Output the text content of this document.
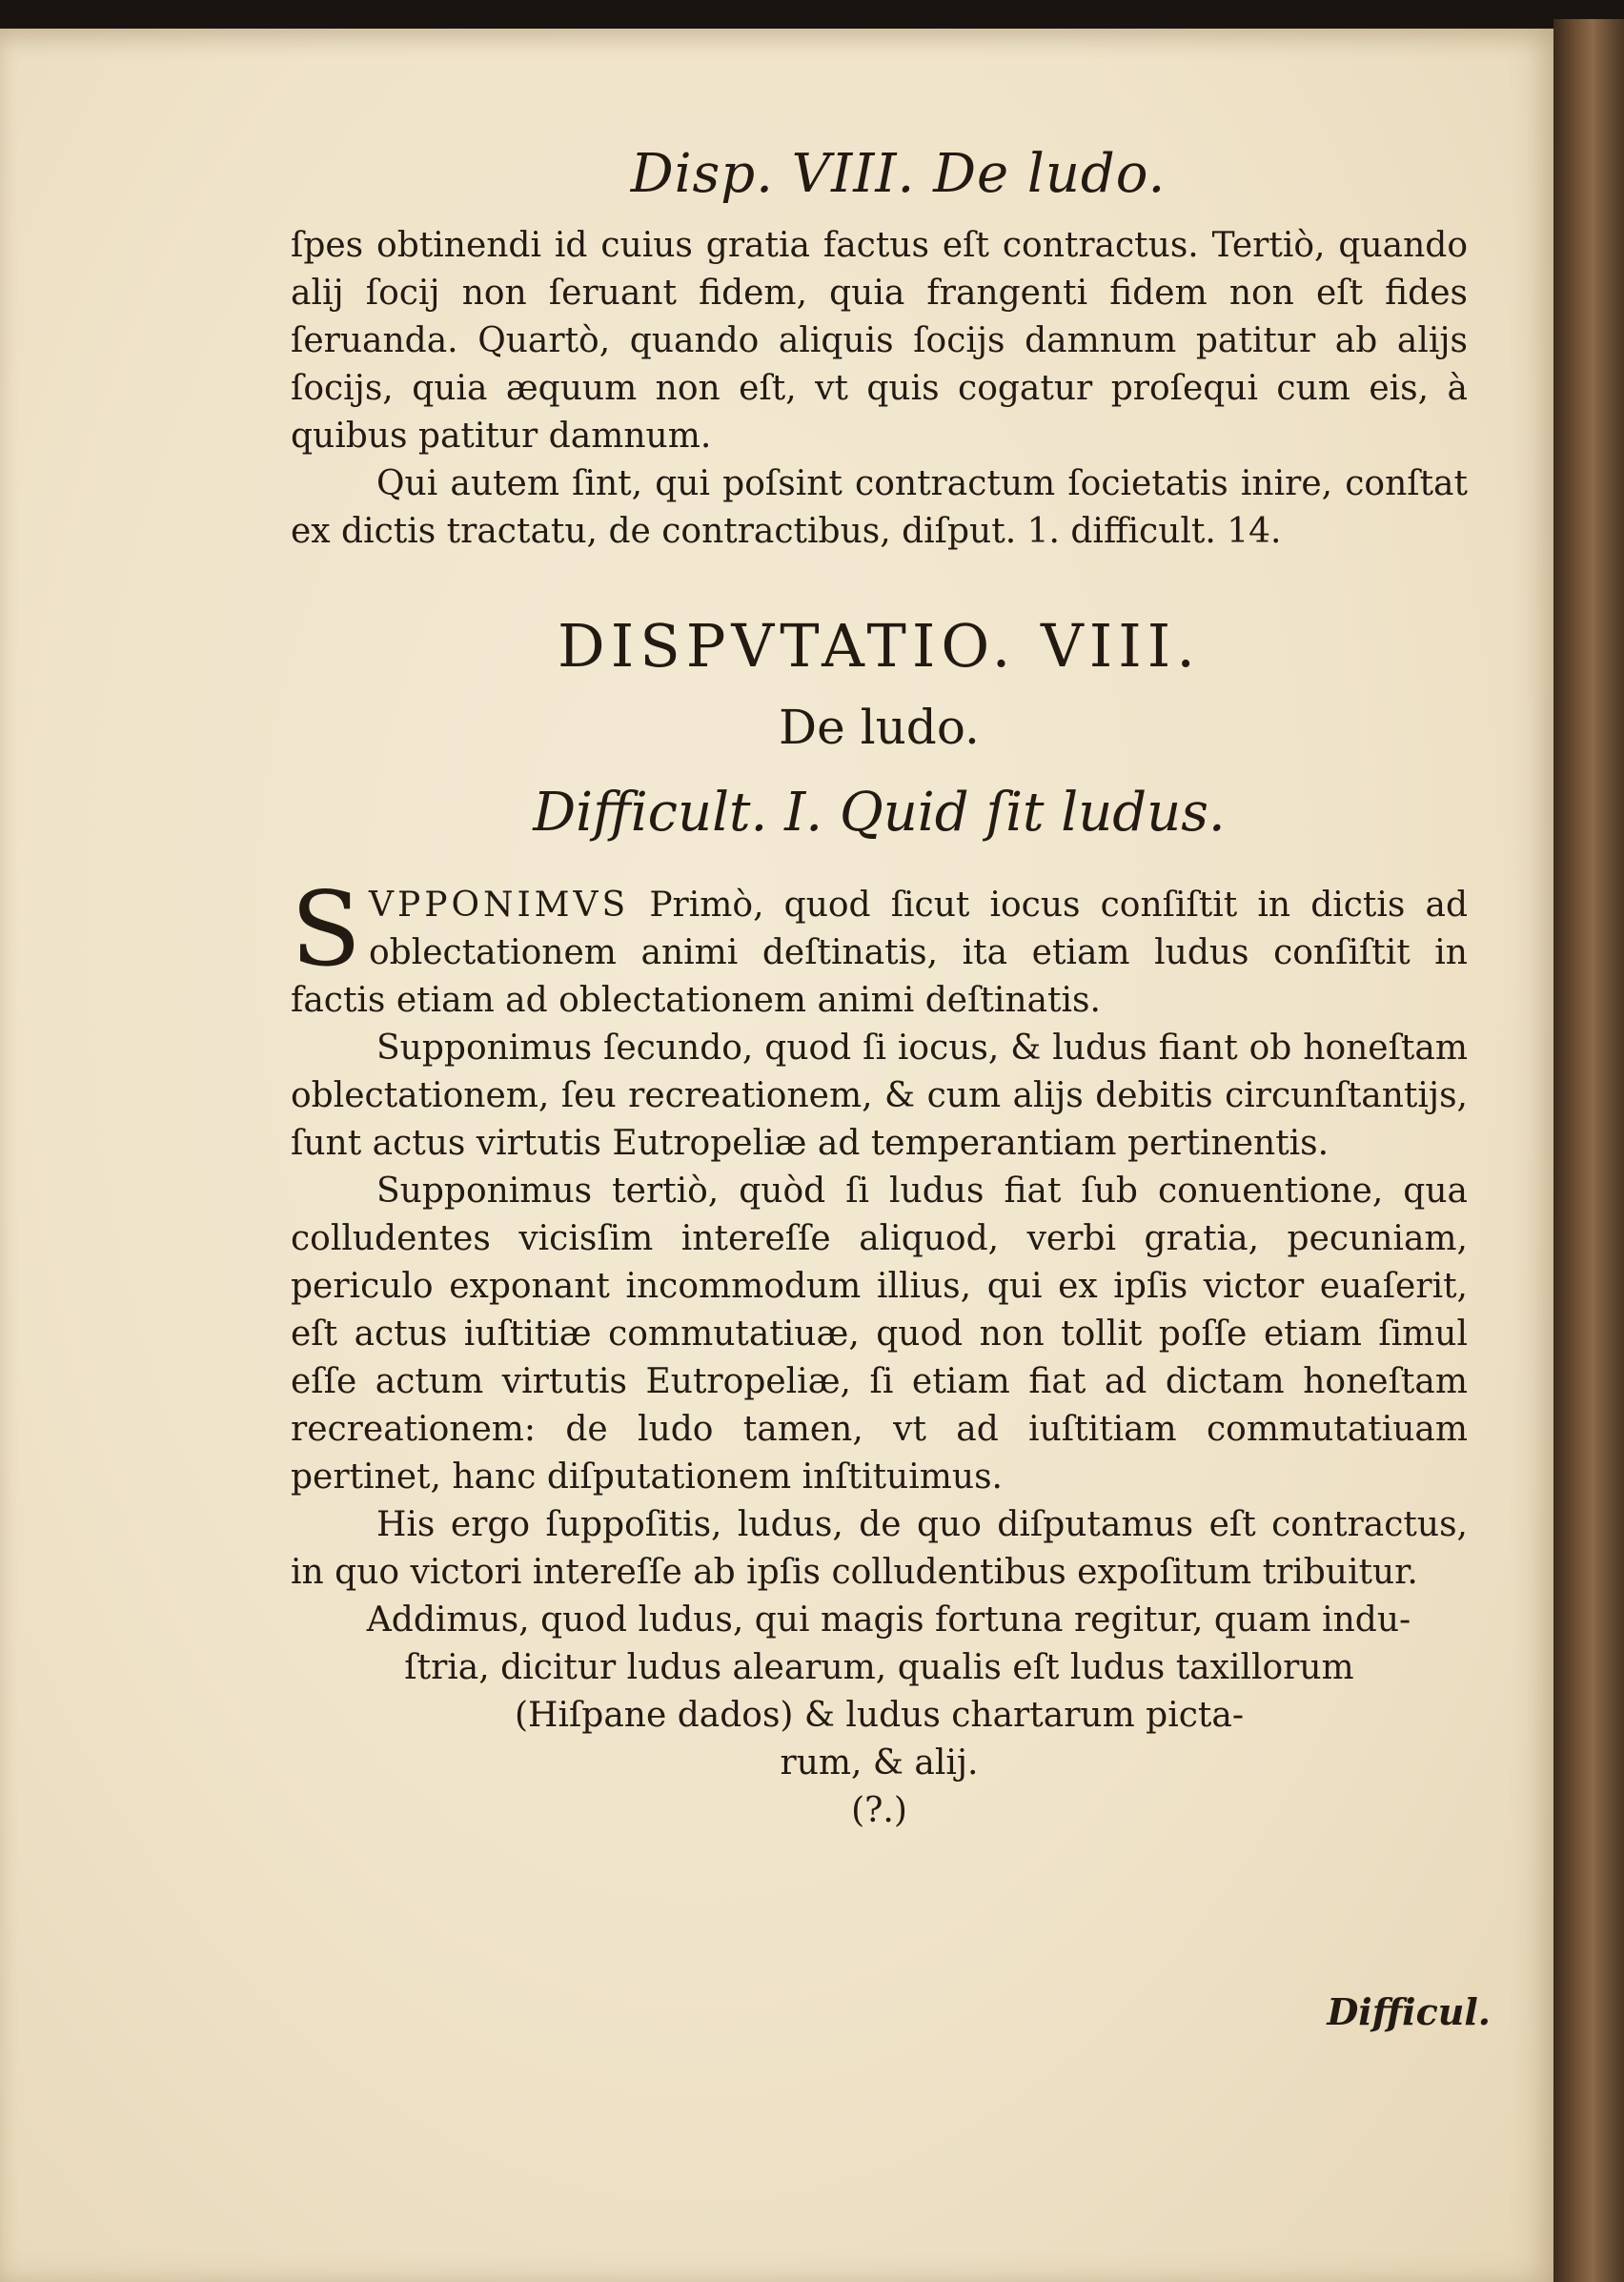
Disp. VIII. De ludo.

ſpes obtinendi id cuius gratia factus eſt contractus. Tertiò, quando alij ſocij non ſeruant fidem, quia frangenti fidem non eſt fides ſeruanda. Quartò, quando aliquis ſocijs damnum patitur ab alijs ſocijs, quia æquum non eſt, vt quis cogatur proſequi cum eis, à quibus patitur damnum.

Qui autem ſint, qui poſsint contractum ſocietatis inire, conſtat ex dictis tractatu, de contractibus, diſput. 1. difficult. 14.

DISPVTATIO. VIII.
De ludo.
Difficult. I. Quid ſit ludus.

SVPPONIMVS Primò, quod ſicut iocus conſiſtit in dictis ad oblectationem animi deſtinatis, ita etiam ludus conſiſtit in factis etiam ad oblectationem animi deſtinatis.

Supponimus ſecundo, quod ſi iocus, & ludus fiant ob honeſtam oblectationem, ſeu recreationem, & cum alijs debitis circunſtantijs, ſunt actus virtutis Eutropeliæ ad temperantiam pertinentis.

Supponimus tertiò, quòd ſi ludus fiat ſub conuentione, qua colludentes vicisſim intereſſe aliquod, verbi gratia, pecuniam, periculo exponant incommodum illius, qui ex ipſis victor euaſerit, eſt actus iuſtitiæ commutatiuæ, quod non tollit poſſe etiam ſimul eſſe actum virtutis Eutropeliæ, ſi etiam fiat ad dictam honeſtam recreationem: de ludo tamen, vt ad iuſtitiam commutatiuam pertinet, hanc diſputationem inſtituimus.

His ergo ſuppoſitis, ludus, de quo diſputamus eſt contractus, in quo victori intereſſe ab ipſis colludentibus expoſitum tribuitur.

Addimus, quod ludus, qui magis fortuna regitur, quam indu-

ſtria, dicitur ludus alearum, qualis eſt ludus taxillorum

(Hiſpane dados) & ludus chartarum picta-

rum, & alij.

(?.)
Difficul.
